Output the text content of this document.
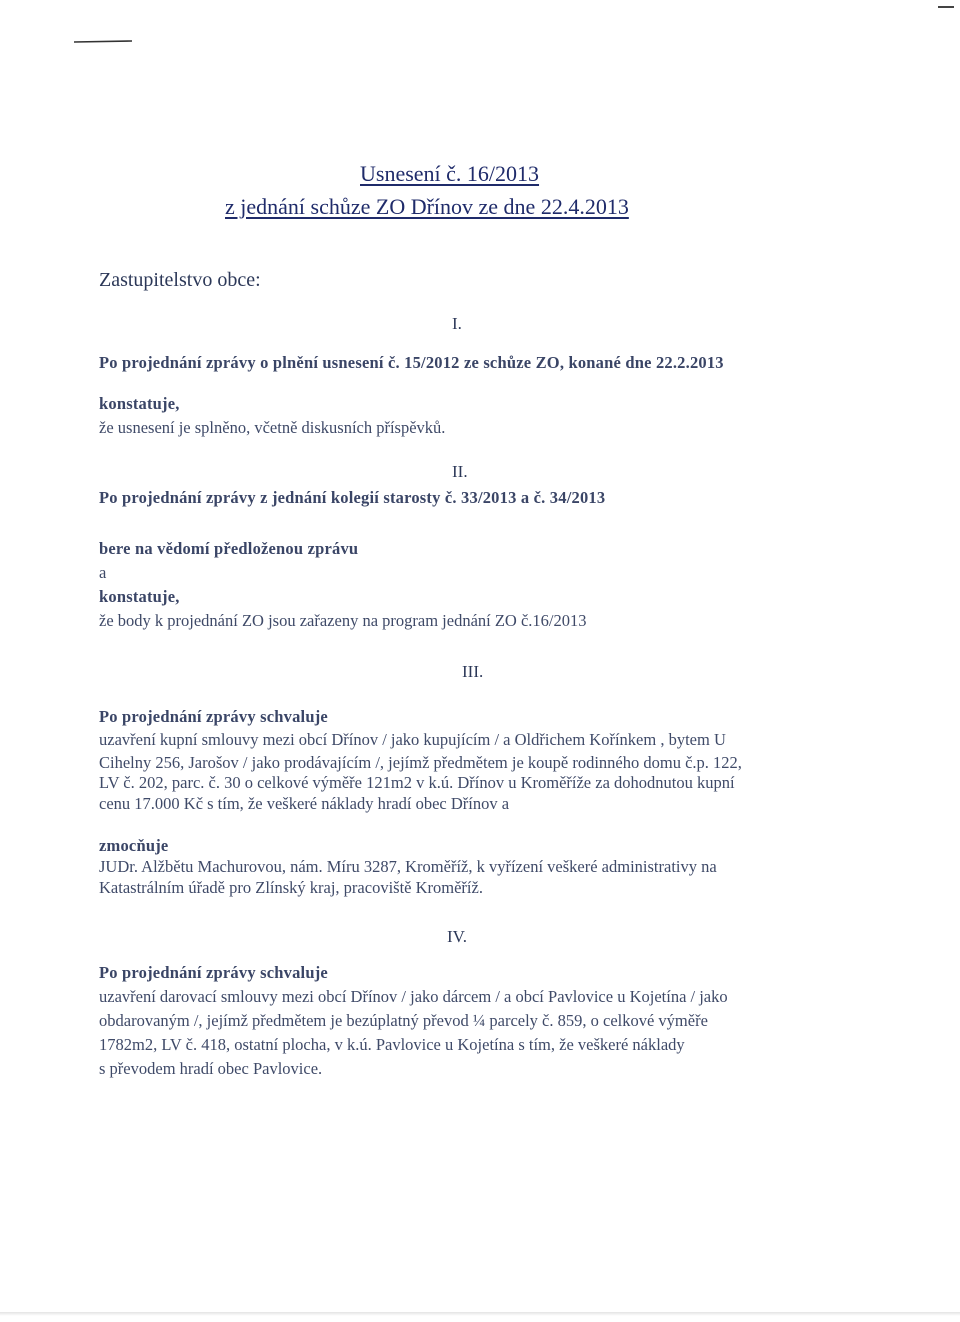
Usnesení č. 16/2013
z jednání schůze ZO Dřínov ze dne 22.4.2013
Zastupitelstvo obce:
I.
Po projednání zprávy o plnění usnesení č. 15/2012 ze schůze ZO, konané dne 22.2.2013
konstatuje,
že usnesení je splněno, včetně diskusních příspěvků.
II.
Po projednání zprávy z jednání kolegií starosty č. 33/2013 a č. 34/2013
bere na vědomí předloženou zprávu
a
konstatuje,
že body k projednání ZO jsou zařazeny na program jednání ZO č.16/2013
III.
Po projednání zprávy schvaluje
uzavření kupní smlouvy mezi obcí Dřínov / jako kupujícím / a Oldřichem Kořínkem , bytem U
Cihelny 256, Jarošov / jako prodávajícím /, jejímž předmětem je koupě rodinného domu č.p. 122,
LV č. 202, parc. č. 30 o celkové výměře 121m2 v k.ú. Dřínov u Kroměříže za dohodnutou kupní
cenu 17.000 Kč s tím, že veškeré náklady hradí obec Dřínov a
zmocňuje
JUDr. Alžbětu Machurovou, nám. Míru 3287, Kroměříž, k vyřízení veškeré administrativy na
Katastrálním úřadě pro Zlínský kraj, pracoviště Kroměříž.
IV.
Po projednání zprávy schvaluje
uzavření darovací smlouvy mezi obcí Dřínov / jako dárcem / a obcí Pavlovice u Kojetína / jako
obdarovaným /, jejímž předmětem je bezúplatný převod ¼ parcely č. 859, o celkové výměře
1782m2, LV č. 418, ostatní plocha, v k.ú. Pavlovice u Kojetína s tím, že veškeré náklady
s převodem hradí obec Pavlovice.
